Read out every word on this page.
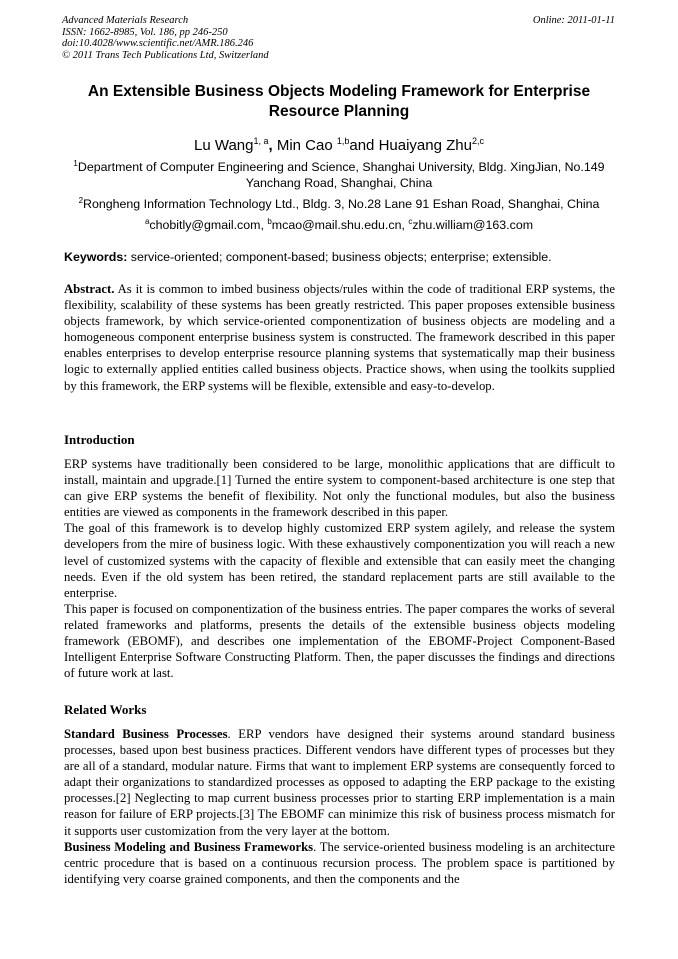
Advanced Materials Research
ISSN: 1662-8985, Vol. 186, pp 246-250
doi:10.4028/www.scientific.net/AMR.186.246
© 2011 Trans Tech Publications Ltd, Switzerland
Online: 2011-01-11
An Extensible Business Objects Modeling Framework for Enterprise
Resource Planning
Lu Wang$^{1, a}$, Min Cao $^{1,b}$and Huaiyang Zhu$^{2,c}$
$^1$Department of Computer Engineering and Science, Shanghai University, Bldg. XingJian, No.149
Yanchang Road, Shanghai, China
$^2$Rongheng Information Technology Ltd., Bldg. 3, No.28 Lane 91 Eshan Road, Shanghai, China
$^a$chobitly@gmail.com, $^b$mcao@mail.shu.edu.cn, $^c$zhu.william@163.com
Keywords: service-oriented; component-based; business objects; enterprise; extensible.
Abstract. As it is common to imbed business objects/rules within the code of traditional ERP systems, the flexibility, scalability of these systems has been greatly restricted. This paper proposes extensible business objects framework, by which service-oriented componentization of business objects are modeling and a homogeneous component enterprise business system is constructed. The framework described in this paper enables enterprises to develop enterprise resource planning systems that systematically map their business logic to externally applied entities called business objects. Practice shows, when using the toolkits supplied by this framework, the ERP systems will be flexible, extensible and easy-to-develop.
Introduction
ERP systems have traditionally been considered to be large, monolithic applications that are difficult to install, maintain and upgrade.[1] Turned the entire system to component-based architecture is one step that can give ERP systems the benefit of flexibility. Not only the functional modules, but also the business entities are viewed as components in the framework described in this paper.
The goal of this framework is to develop highly customized ERP system agilely, and release the system developers from the mire of business logic. With these exhaustively componentization you will reach a new level of customized systems with the capacity of flexible and extensible that can easily meet the changing needs. Even if the old system has been retired, the standard replacement parts are still available to the enterprise.
This paper is focused on componentization of the business entries. The paper compares the works of several related frameworks and platforms, presents the details of the extensible business objects modeling framework (EBOMF), and describes one implementation of the EBOMF-Project Component-Based Intelligent Enterprise Software Constructing Platform. Then, the paper discusses the findings and directions of future work at last.
Related Works
Standard Business Processes. ERP vendors have designed their systems around standard business processes, based upon best business practices. Different vendors have different types of processes but they are all of a standard, modular nature. Firms that want to implement ERP systems are consequently forced to adapt their organizations to standardized processes as opposed to adapting the ERP package to the existing processes.[2] Neglecting to map current business processes prior to starting ERP implementation is a main reason for failure of ERP projects.[3] The EBOMF can minimize this risk of business process mismatch for it supports user customization from the very layer at the bottom.
Business Modeling and Business Frameworks. The service-oriented business modeling is an architecture centric procedure that is based on a continuous recursion process. The problem space is partitioned by identifying very coarse grained components, and then the components and the
